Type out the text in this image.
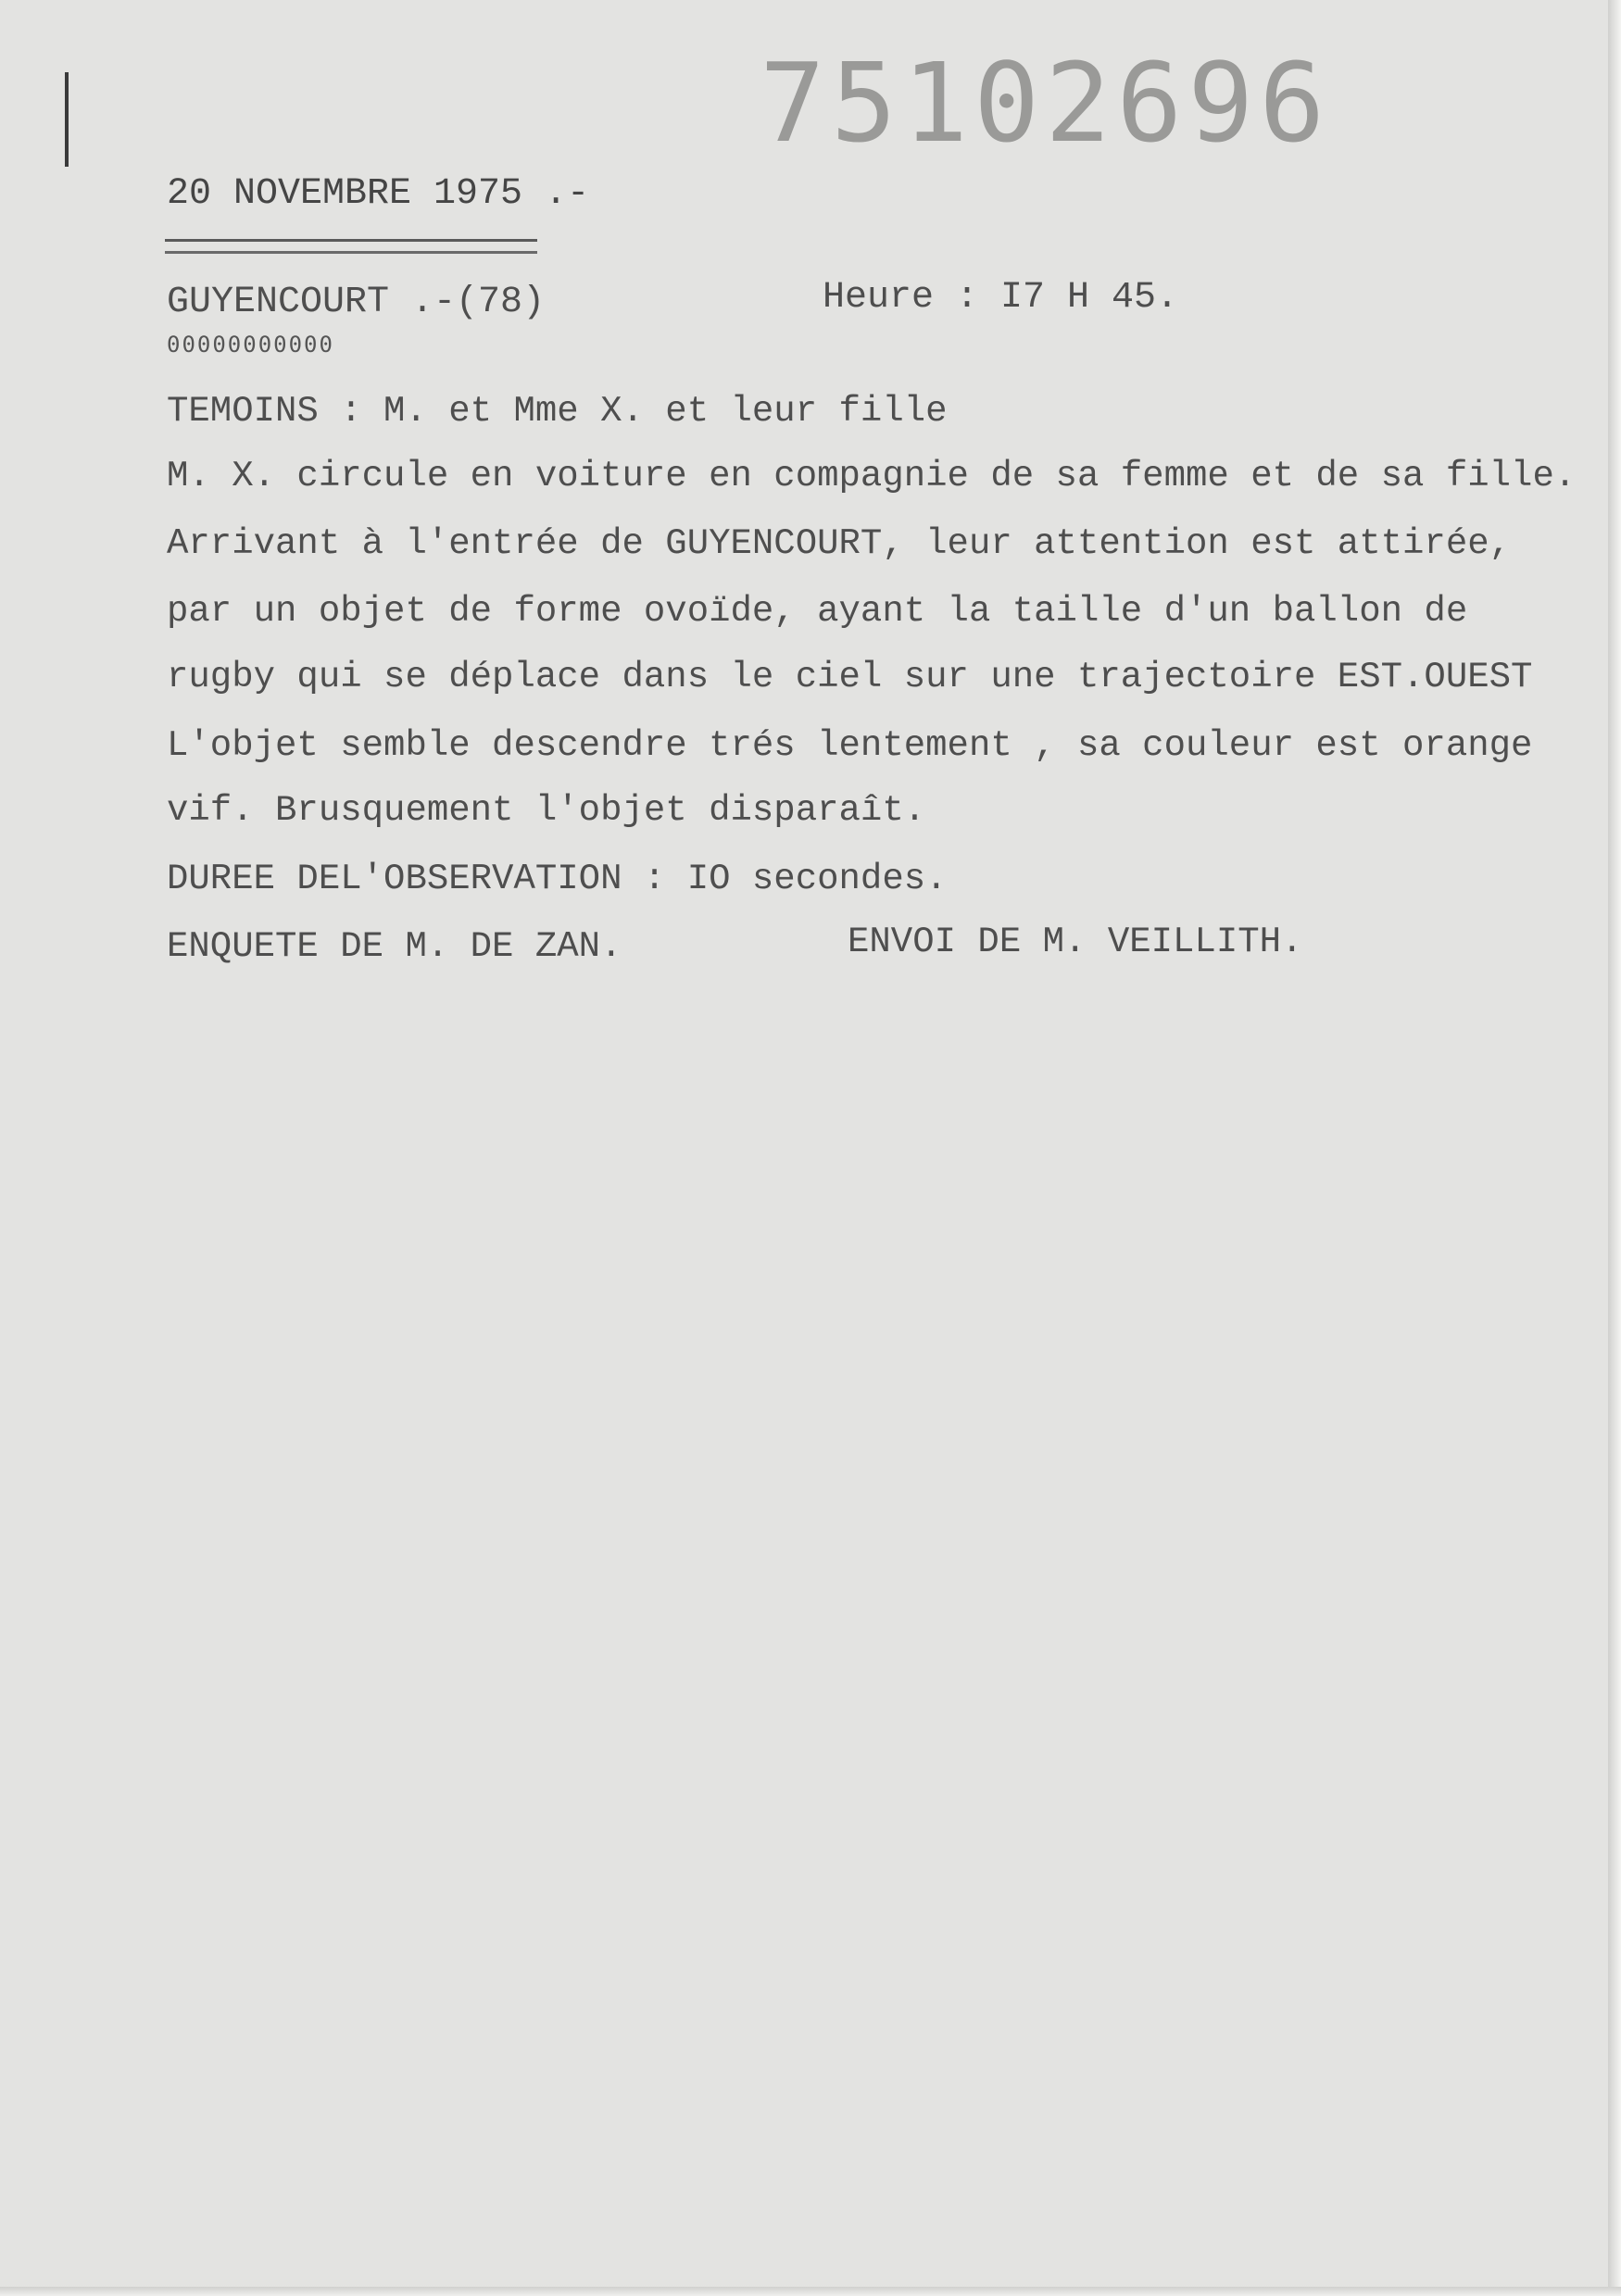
75102696
20 NOVEMBRE 1975 .-
GUYENCOURT .-(78)
00000000000
Heure : I7 H 45.
TEMOINS : M. et Mme X. et leur fille
M. X. circule en voiture en compagnie de sa femme et de sa fille.
Arrivant à l'entrée de GUYENCOURT, leur attention est attirée,
par un objet de forme ovoïde, ayant la taille d'un ballon de
rugby qui se déplace dans le ciel sur une trajectoire EST.OUEST
L'objet semble descendre trés lentement , sa couleur est orange
vif. Brusquement l'objet disparaît.
DUREE DEL'OBSERVATION : IO secondes.
ENQUETE DE M. DE ZAN.	ENVOI DE M. VEILLITH.
